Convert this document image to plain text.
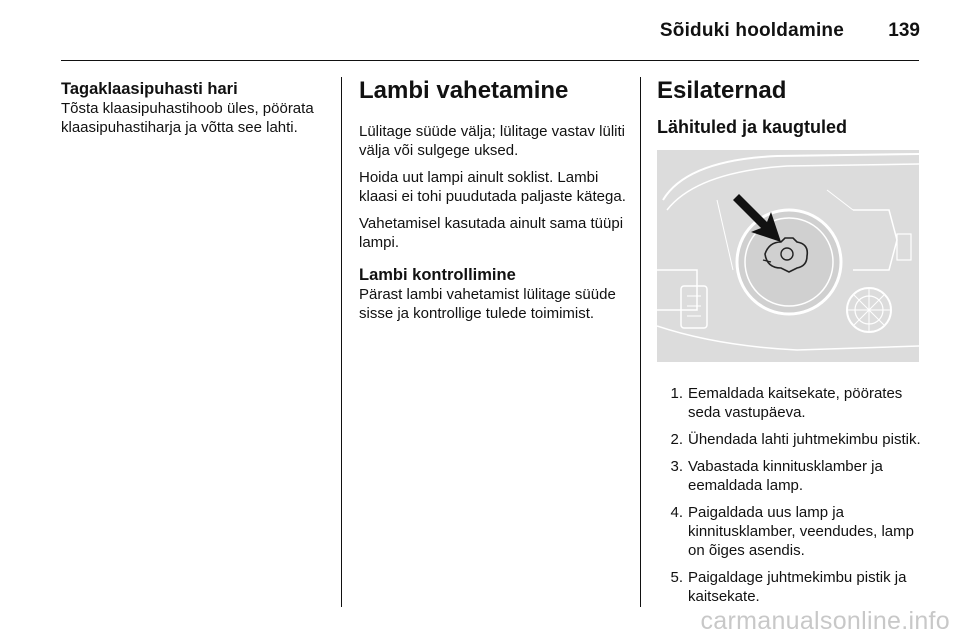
Sõiduki hooldamine 139
Tagaklaasipuhasti hari

Tõsta klaasipuhastihoob üles, pöörata klaasipuhastiharja ja võtta see lahti.

Lambi vahetamine

Lülitage süüde välja; lülitage vastav lüliti välja või sulgege uksed.

Hoida uut lampi ainult soklist. Lambi klaasi ei tohi puudutada paljaste kätega.

Vahetamisel kasutada ainult sama tüüpi lampi.

Lambi kontrollimine

Pärast lambi vahetamist lülitage süüde sisse ja kontrollige tulede toimimist.

Esilaternad
Lähituled ja kaugtuled
1. Eemaldada kaitsekate, pöörates seda vastupäeva.
2. Ühendada lahti juhtmekimbu pistik.
3. Vabastada kinnitusklamber ja eemaldada lamp.
4. Paigaldada uus lamp ja kinnitusklamber, veendudes, lamp on õiges asendis.
5. Paigaldage juhtmekimbu pistik ja kaitsekate.
carmanualsonline.info
